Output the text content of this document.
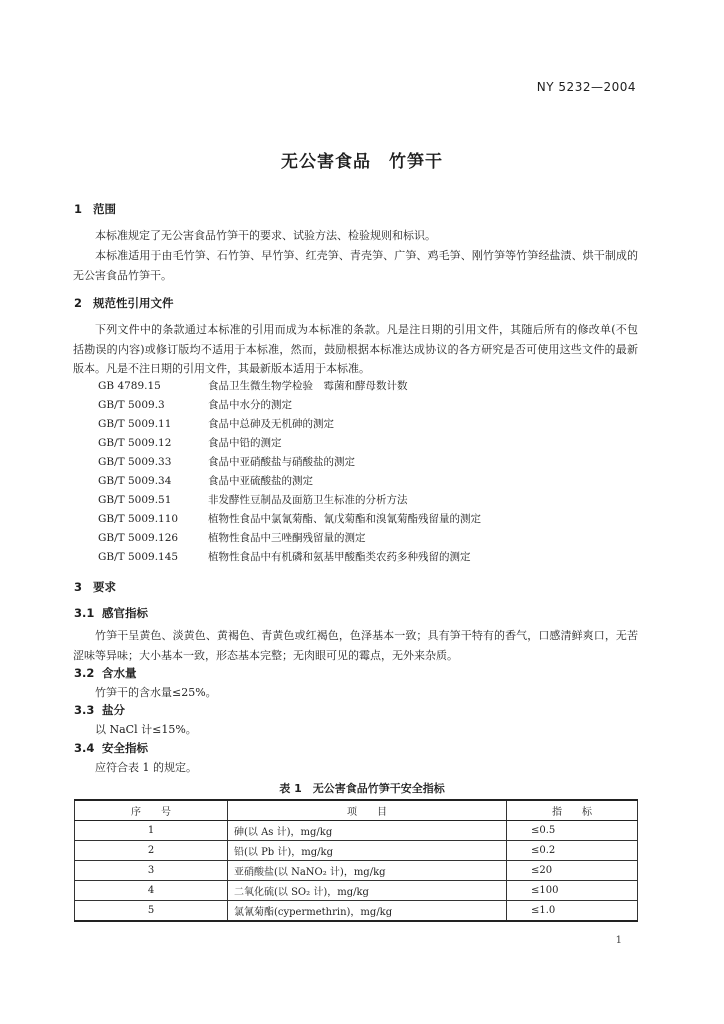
NY 5232—2004
无公害食品　竹笋干
1 范围
本标准规定了无公害食品竹笋干的要求、试验方法、检验规则和标识。
本标准适用于由毛竹笋、石竹笋、早竹笋、红壳笋、青壳笋、广笋、鸡毛笋、刚竹笋等竹笋经盐渍、烘干制成的无公害食品竹笋干。
2 规范性引用文件
下列文件中的条款通过本标准的引用而成为本标准的条款。凡是注日期的引用文件，其随后所有的修改单(不包括勘误的内容)或修订版均不适用于本标准，然而，鼓励根据本标准达成协议的各方研究是否可使用这些文件的最新版本。凡是不注日期的引用文件，其最新版本适用于本标准。
GB 4789.15	食品卫生微生物学检验　霉菌和酵母数计数
GB/T 5009.3	食品中水分的测定
GB/T 5009.11	食品中总砷及无机砷的测定
GB/T 5009.12	食品中铅的测定
GB/T 5009.33	食品中亚硝酸盐与硝酸盐的测定
GB/T 5009.34	食品中亚硫酸盐的测定
GB/T 5009.51	非发酵性豆制品及面筋卫生标准的分析方法
GB/T 5009.110	植物性食品中氯氰菊酯、氰戊菊酯和溴氰菊酯残留量的测定
GB/T 5009.126	植物性食品中三唑酮残留量的测定
GB/T 5009.145	植物性食品中有机磷和氨基甲酸酯类农药多种残留的测定
3 要求
3.1 感官指标
竹笋干呈黄色、淡黄色、黄褐色、青黄色或红褐色，色泽基本一致；具有笋干特有的香气，口感清鲜爽口，无苦涩味等异味；大小基本一致，形态基本完整；无肉眼可见的霉点，无外来杂质。
3.2 含水量
竹笋干的含水量≤25%。
3.3 盐分
以 NaCl 计≤15%。
3.4 安全指标
应符合表 1 的规定。
表 1　无公害食品竹笋干安全指标
序　　号	项　　目	指　　标
1	砷(以 As 计)，mg/kg	≤0.5
2	铅(以 Pb 计)，mg/kg	≤0.2
3	亚硝酸盐(以 NaNO₂ 计)，mg/kg	≤20
4	二氧化硫(以 SO₂ 计)，mg/kg	≤100
5	氯氰菊酯(cypermethrin)，mg/kg	≤1.0
1
